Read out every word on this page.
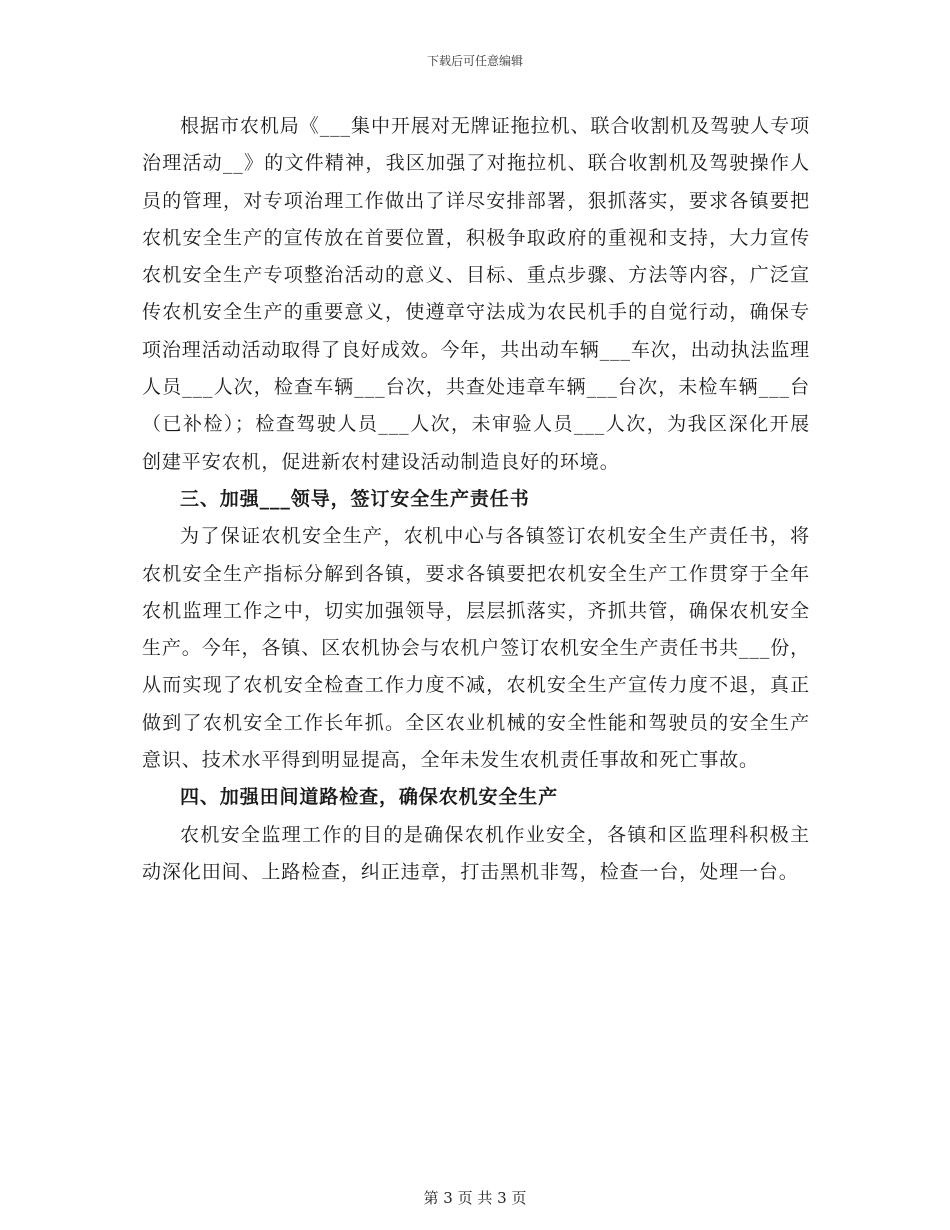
下载后可任意编辑

根据市农机局《___集中开展对无牌证拖拉机、联合收割机及驾驶人专项治理活动__》的文件精神，我区加强了对拖拉机、联合收割机及驾驶操作人员的管理，对专项治理工作做出了详尽安排部署，狠抓落实，要求各镇要把农机安全生产的宣传放在首要位置，积极争取政府的重视和支持，大力宣传农机安全生产专项整治活动的意义、目标、重点步骤、方法等内容，广泛宣传农机安全生产的重要意义，使遵章守法成为农民机手的自觉行动，确保专项治理活动活动取得了良好成效。今年，共出动车辆___车次，出动执法监理人员___人次，检查车辆___台次，共查处违章车辆___台次，未检车辆___台（已补检）；检查驾驶人员___人次，未审验人员___人次，为我区深化开展创建平安农机，促进新农村建设活动制造良好的环境。

三、加强___领导，签订安全生产责任书

为了保证农机安全生产，农机中心与各镇签订农机安全生产责任书，将农机安全生产指标分解到各镇，要求各镇要把农机安全生产工作贯穿于全年农机监理工作之中，切实加强领导，层层抓落实，齐抓共管，确保农机安全生产。今年，各镇、区农机协会与农机户签订农机安全生产责任书共___份，从而实现了农机安全检查工作力度不减，农机安全生产宣传力度不退，真正做到了农机安全工作长年抓。全区农业机械的安全性能和驾驶员的安全生产意识、技术水平得到明显提高，全年未发生农机责任事故和死亡事故。

四、加强田间道路检查，确保农机安全生产

农机安全监理工作的目的是确保农机作业安全，各镇和区监理科积极主动深化田间、上路检查，纠正违章，打击黑机非驾，检查一台，处理一台。

第 3 页 共 3 页
